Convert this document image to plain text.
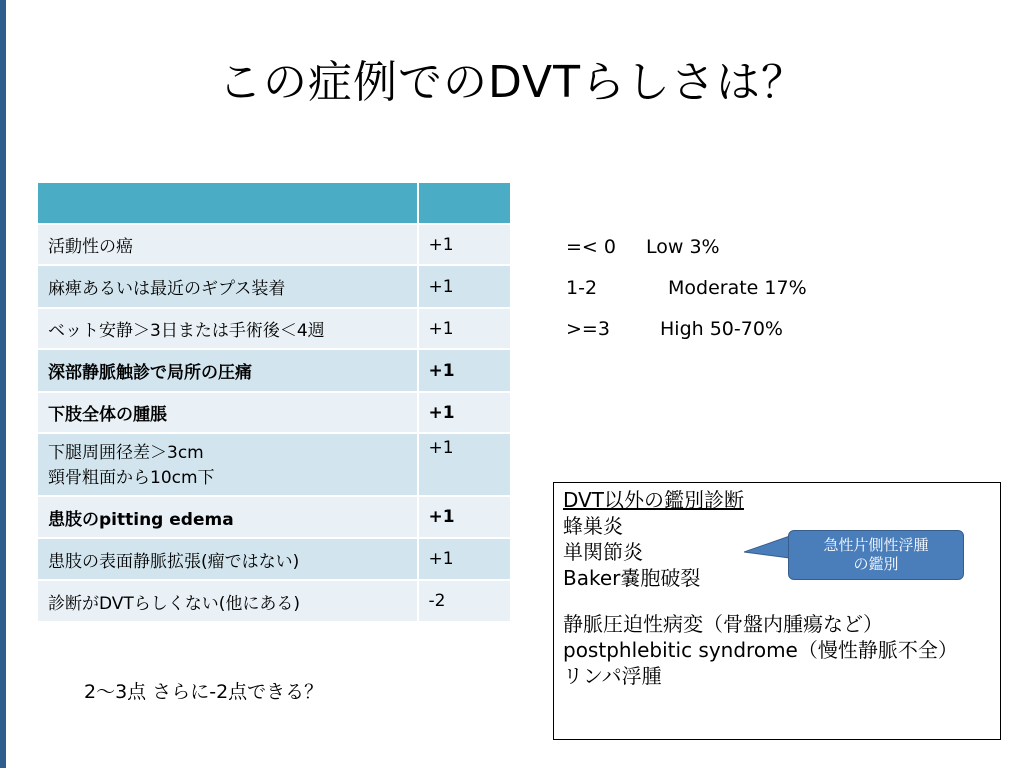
この症例でのDVTらしさは？

活動性の癌	+1
麻痺あるいは最近のギプス装着	+1
ベット安静＞3日または手術後＜4週	+1
深部静脈触診で局所の圧痛	+1
下肢全体の腫脹	+1

下腿周囲径差＞3cm
頸骨粗面から10cm下	+1
患肢のpitting edema	+1
患肢の表面静脈拡張(瘤ではない)	+1
診断がDVTらしくない(他にある)	-2
=< 0 Low 3%
1-2	Moderate 17%
>=3	High 50-70%
2〜3点 さらに-2点できる？
DVT以外の鑑別診断
蜂巣炎
単関節炎
Baker嚢胞破裂
静脈圧迫性病変（骨盤内腫瘍など）
postphlebitic syndrome（慢性静脈不全）
リンパ浮腫
急性片側性浮腫
の鑑別
